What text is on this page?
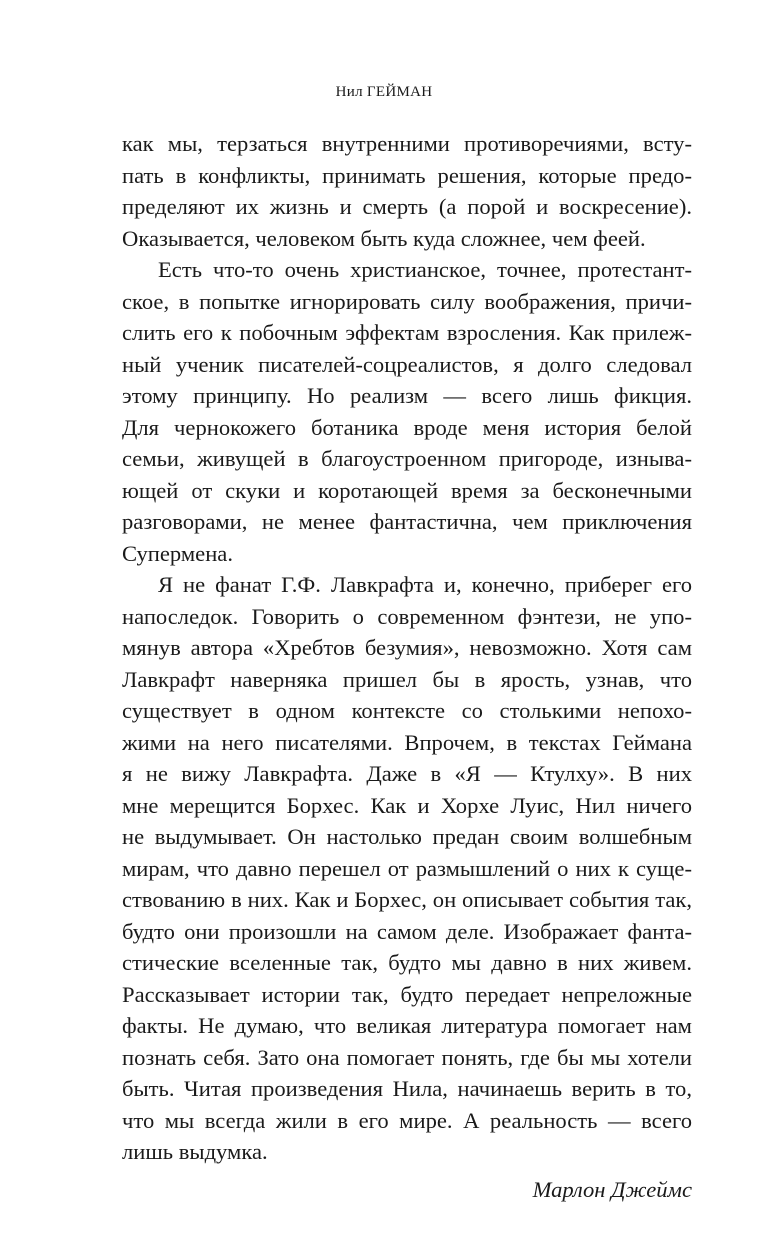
Нил ГЕЙМАН
как мы, терзаться внутренними противоречиями, всту-
пать в конфликты, принимать решения, которые предо-
пределяют их жизнь и смерть (а порой и воскресение).
Оказывается, человеком быть куда сложнее, чем феей.
Есть что-то очень христианское, точнее, протестант-
ское, в попытке игнорировать силу воображения, причи-
слить его к побочным эффектам взросления. Как прилеж-
ный ученик писателей-соцреалистов, я долго следовал
этому принципу. Но реализм — всего лишь фикция.
Для чернокожего ботаника вроде меня история белой
семьи, живущей в благоустроенном пригороде, изныва-
ющей от скуки и коротающей время за бесконечными
разговорами, не менее фантастична, чем приключения
Супермена.
Я не фанат Г.Ф. Лавкрафта и, конечно, приберег его
напоследок. Говорить о современном фэнтези, не упо-
мянув автора «Хребтов безумия», невозможно. Хотя сам
Лавкрафт наверняка пришел бы в ярость, узнав, что
существует в одном контексте со столькими непохо-
жими на него писателями. Впрочем, в текстах Геймана
я не вижу Лавкрафта. Даже в «Я — Ктулху». В них
мне мерещится Борхес. Как и Хорхе Луис, Нил ничего
не выдумывает. Он настолько предан своим волшебным
мирам, что давно перешел от размышлений о них к суще-
ствованию в них. Как и Борхес, он описывает события так,
будто они произошли на самом деле. Изображает фанта-
стические вселенные так, будто мы давно в них живем.
Рассказывает истории так, будто передает непреложные
факты. Не думаю, что великая литература помогает нам
познать себя. Зато она помогает понять, где бы мы хотели
быть. Читая произведения Нила, начинаешь верить в то,
что мы всегда жили в его мире. А реальность — всего
лишь выдумка.
Марлон Джеймс
